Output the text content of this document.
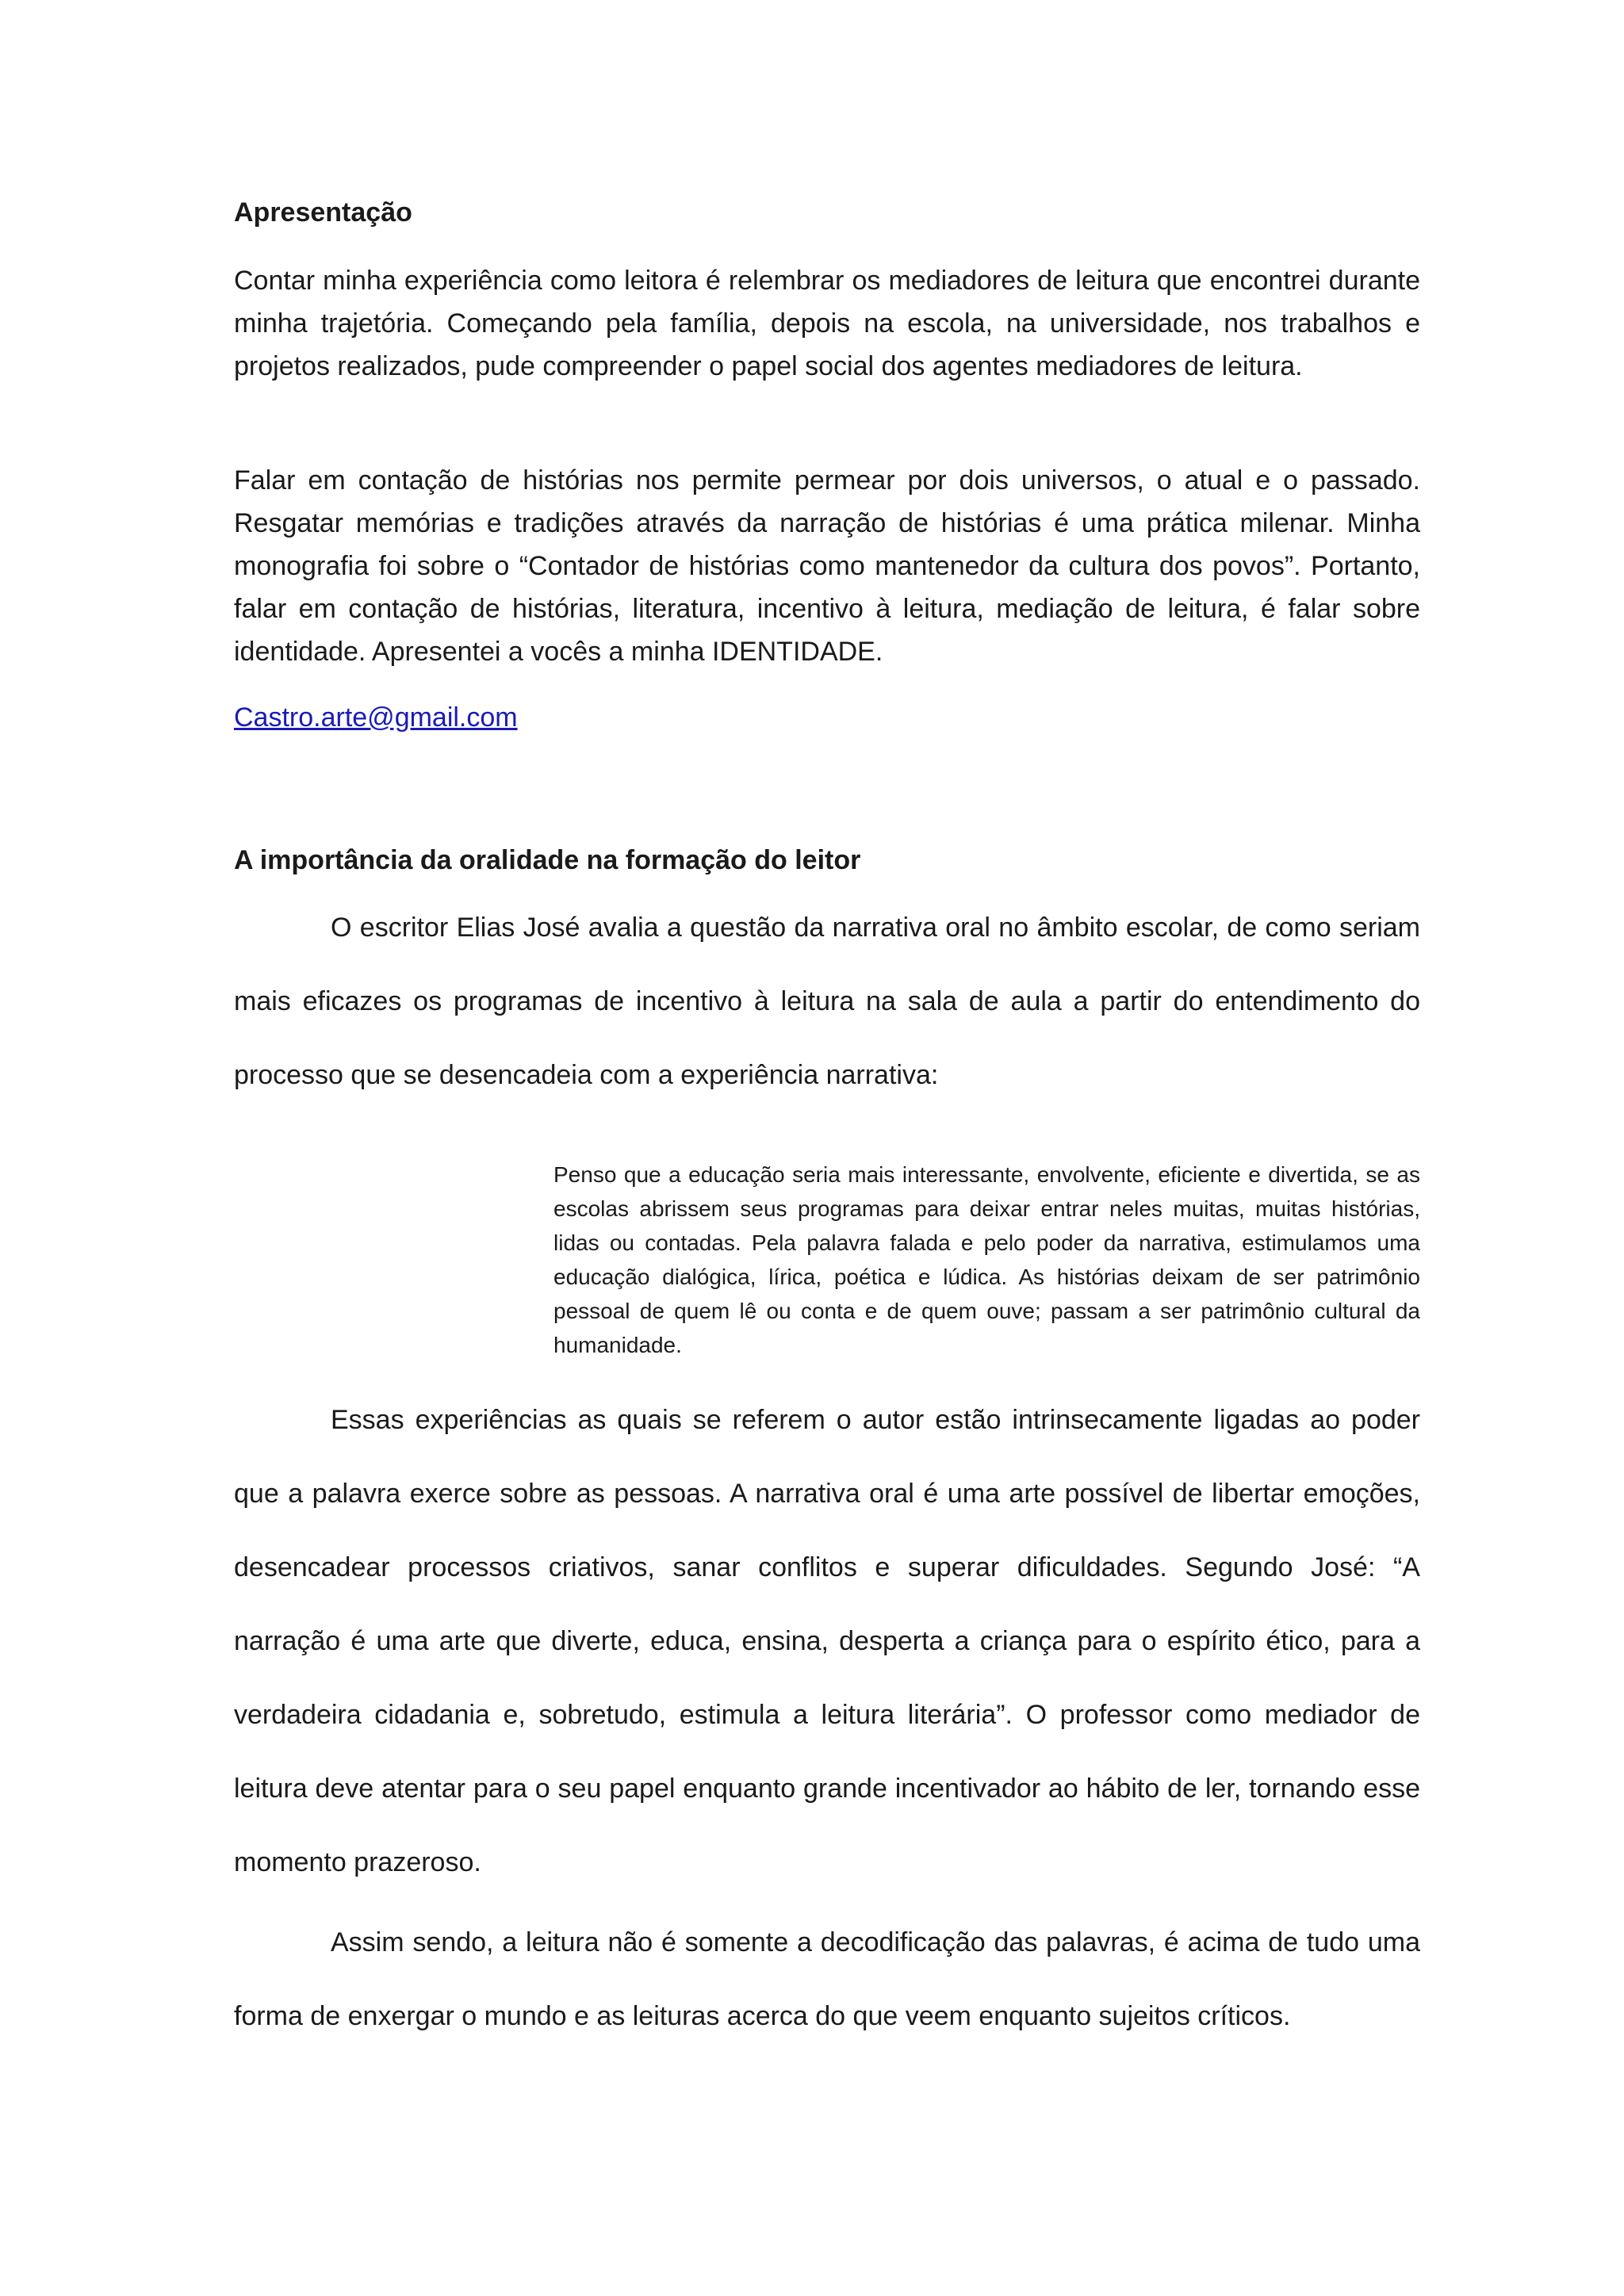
Apresentação

Contar minha experiência como leitora é relembrar os mediadores de leitura que encontrei durante minha trajetória. Começando pela família, depois na escola, na universidade, nos trabalhos e projetos realizados, pude compreender o papel social dos agentes mediadores de leitura.

Falar em contação de histórias nos permite permear por dois universos, o atual e o passado. Resgatar memórias e tradições através da narração de histórias é uma prática milenar. Minha monografia foi sobre o “Contador de histórias como mantenedor da cultura dos povos”. Portanto, falar em contação de histórias, literatura, incentivo à leitura, mediação de leitura, é falar sobre identidade. Apresentei a vocês a minha IDENTIDADE.

Castro.arte@gmail.com
A importância da oralidade na formação do leitor

O escritor Elias José avalia a questão da narrativa oral no âmbito escolar, de como seriam mais eficazes os programas de incentivo à leitura na sala de aula a partir do entendimento do processo que se desencadeia com a experiência narrativa:

Penso que a educação seria mais interessante, envolvente, eficiente e divertida, se as escolas abrissem seus programas para deixar entrar neles muitas, muitas histórias, lidas ou contadas. Pela palavra falada e pelo poder da narrativa, estimulamos uma educação dialógica, lírica, poética e lúdica. As histórias deixam de ser patrimônio pessoal de quem lê ou conta e de quem ouve; passam a ser patrimônio cultural da humanidade.

Essas experiências as quais se referem o autor estão intrinsecamente ligadas ao poder que a palavra exerce sobre as pessoas. A narrativa oral é uma arte possível de libertar emoções, desencadear processos criativos, sanar conflitos e superar dificuldades. Segundo José: “A narração é uma arte que diverte, educa, ensina, desperta a criança para o espírito ético, para a verdadeira cidadania e, sobretudo, estimula a leitura literária”. O professor como mediador de leitura deve atentar para o seu papel enquanto grande incentivador ao hábito de ler, tornando esse momento prazeroso.

Assim sendo, a leitura não é somente a decodificação das palavras, é acima de tudo uma forma de enxergar o mundo e as leituras acerca do que veem enquanto sujeitos críticos.
